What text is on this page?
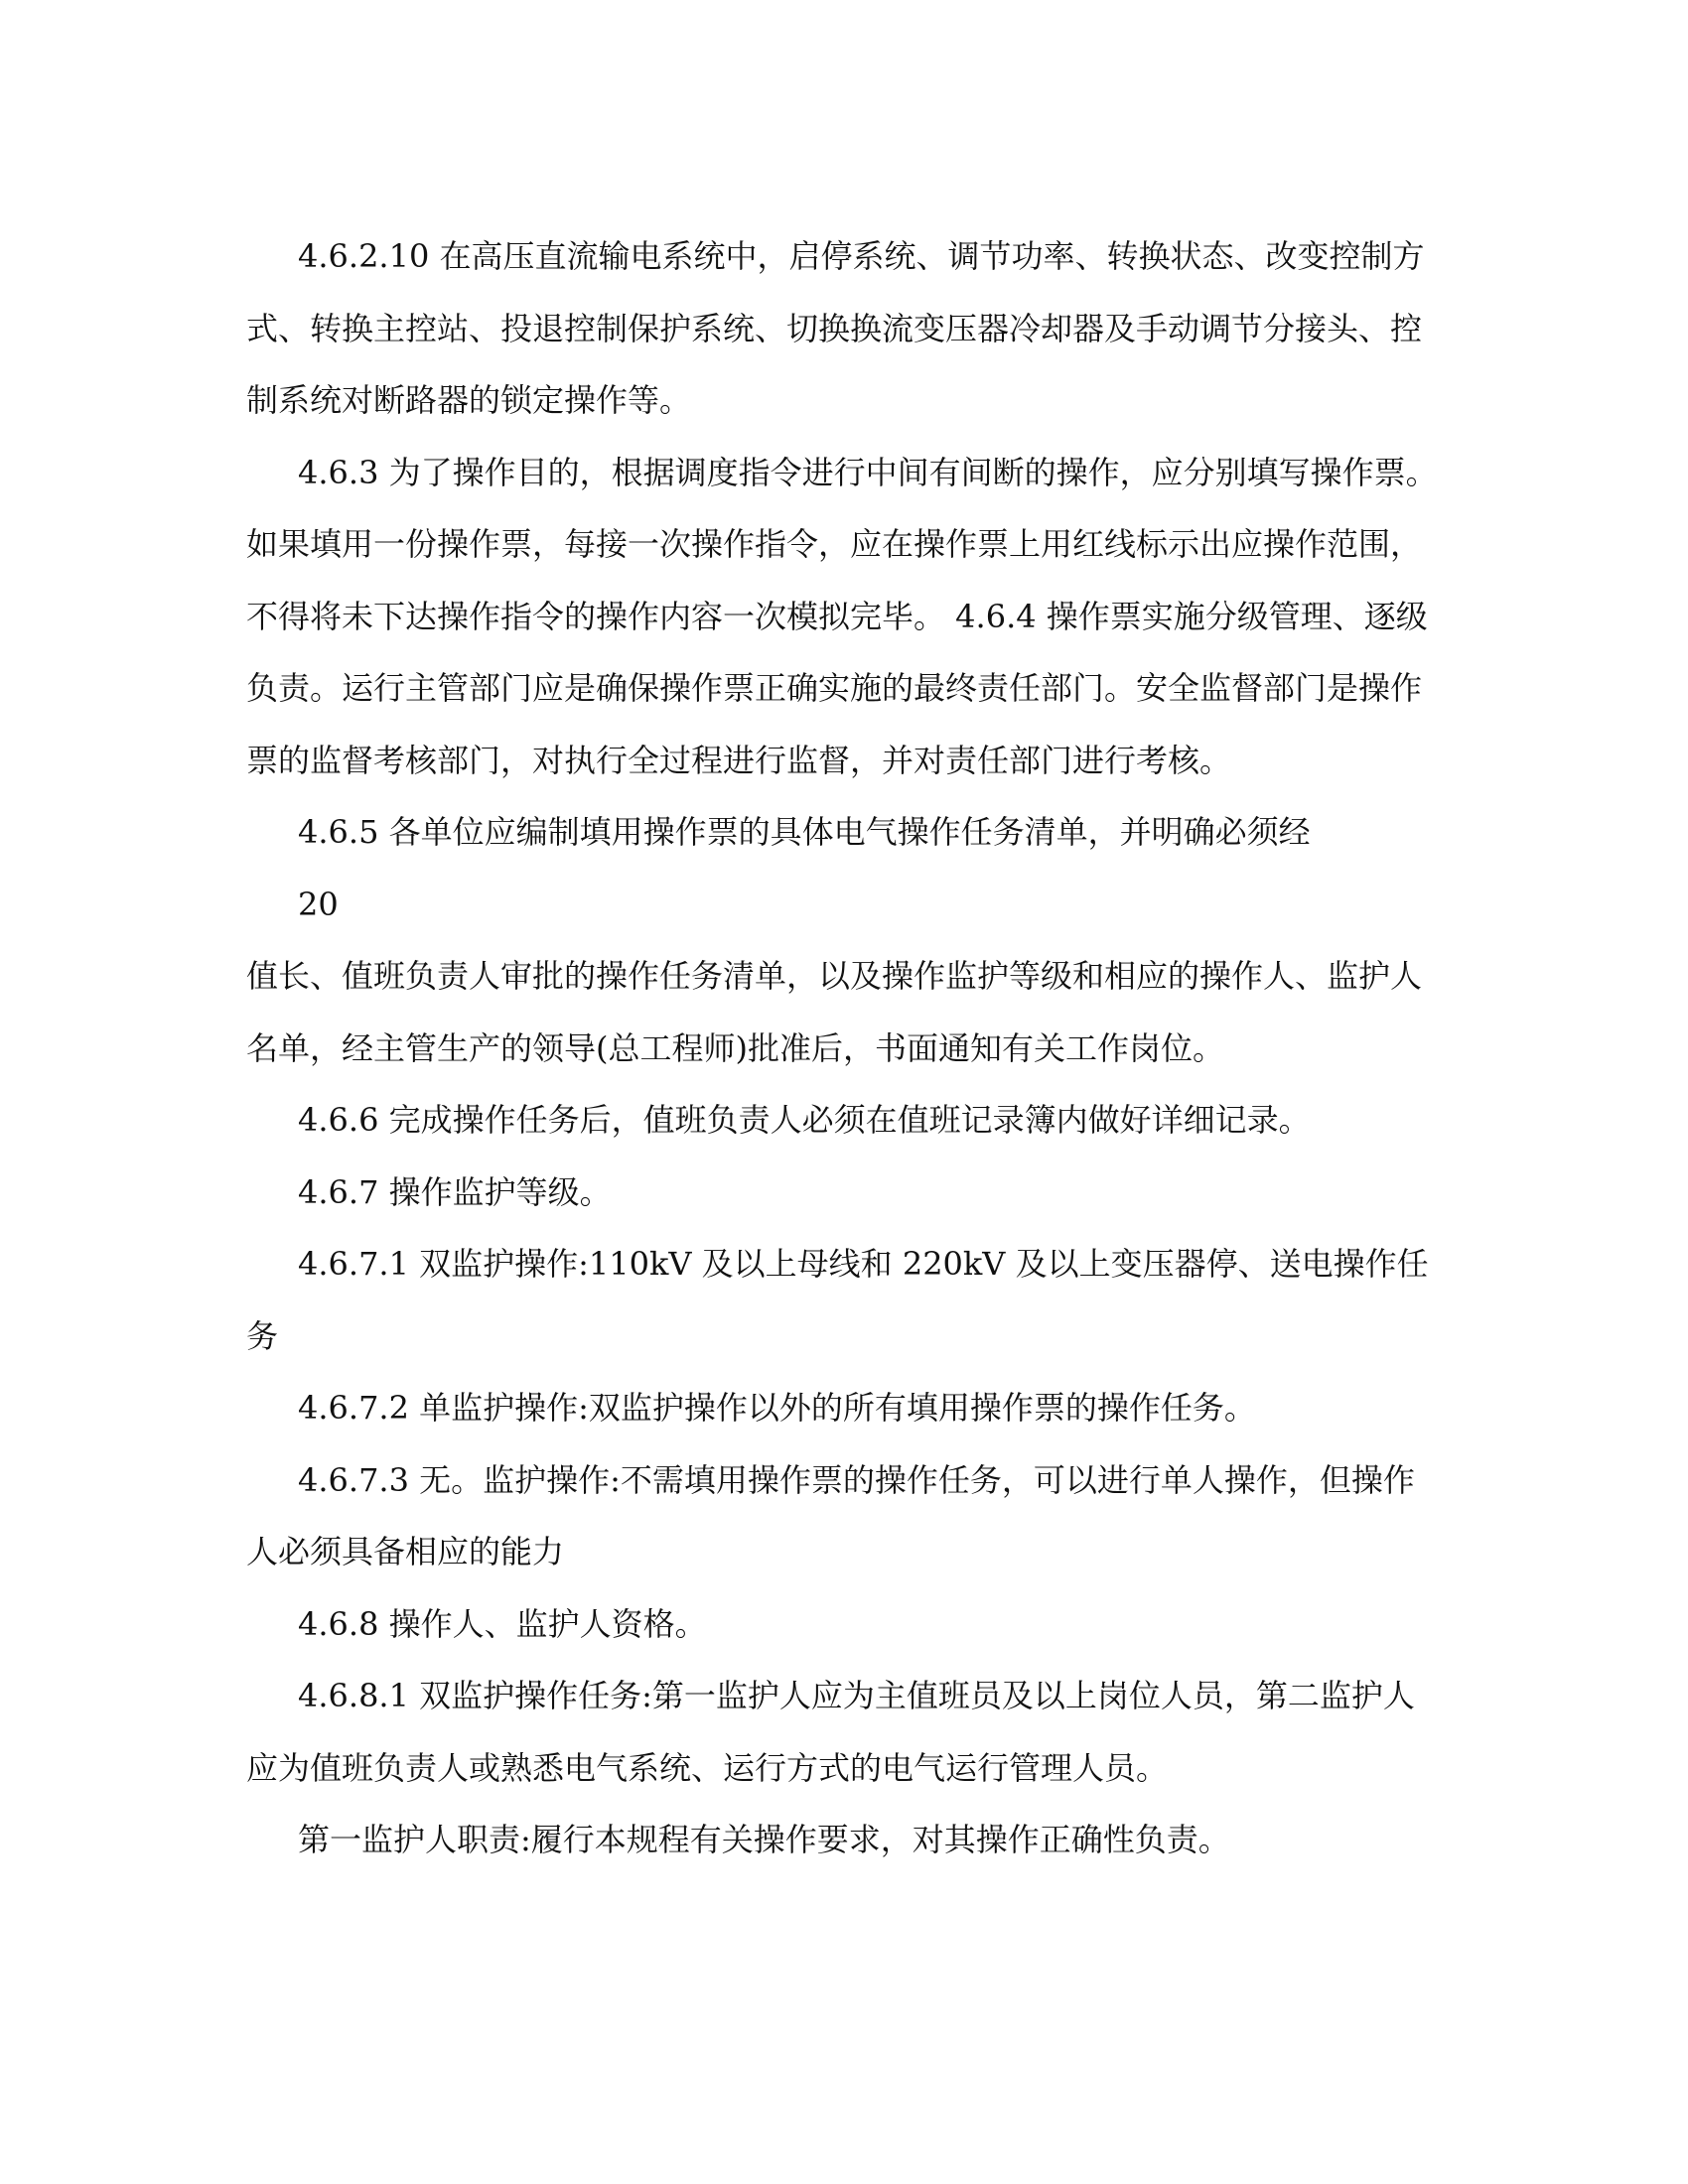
4.6.2.10 在高压直流输电系统中，启停系统、调节功率、转换状态、改变控制方式、转换主控站、投退控制保护系统、切换换流变压器冷却器及手动调节分接头、控制系统对断路器的锁定操作等。

4.6.3 为了操作目的，根据调度指令进行中间有间断的操作，应分别填写操作票。如果填用一份操作票，每接一次操作指令，应在操作票上用红线标示出应操作范围，不得将未下达操作指令的操作内容一次模拟完毕。 4.6.4 操作票实施分级管理、逐级负责。运行主管部门应是确保操作票正确实施的最终责任部门。安全监督部门是操作票的监督考核部门，对执行全过程进行监督，并对责任部门进行考核。

4.6.5 各单位应编制填用操作票的具体电气操作任务清单，并明确必须经

20

值长、值班负责人审批的操作任务清单，以及操作监护等级和相应的操作人、监护人名单，经主管生产的领导(总工程师)批准后，书面通知有关工作岗位。

4.6.6 完成操作任务后，值班负责人必须在值班记录簿内做好详细记录。

4.6.7 操作监护等级。

4.6.7.1 双监护操作:110kV 及以上母线和 220kV 及以上变压器停、送电操作任务

4.6.7.2 单监护操作:双监护操作以外的所有填用操作票的操作任务。

4.6.7.3 无。监护操作:不需填用操作票的操作任务，可以进行单人操作，但操作人必须具备相应的能力

4.6.8 操作人、监护人资格。

4.6.8.1 双监护操作任务:第一监护人应为主值班员及以上岗位人员，第二监护人应为值班负责人或熟悉电气系统、运行方式的电气运行管理人员。

第一监护人职责:履行本规程有关操作要求，对其操作正确性负责。
